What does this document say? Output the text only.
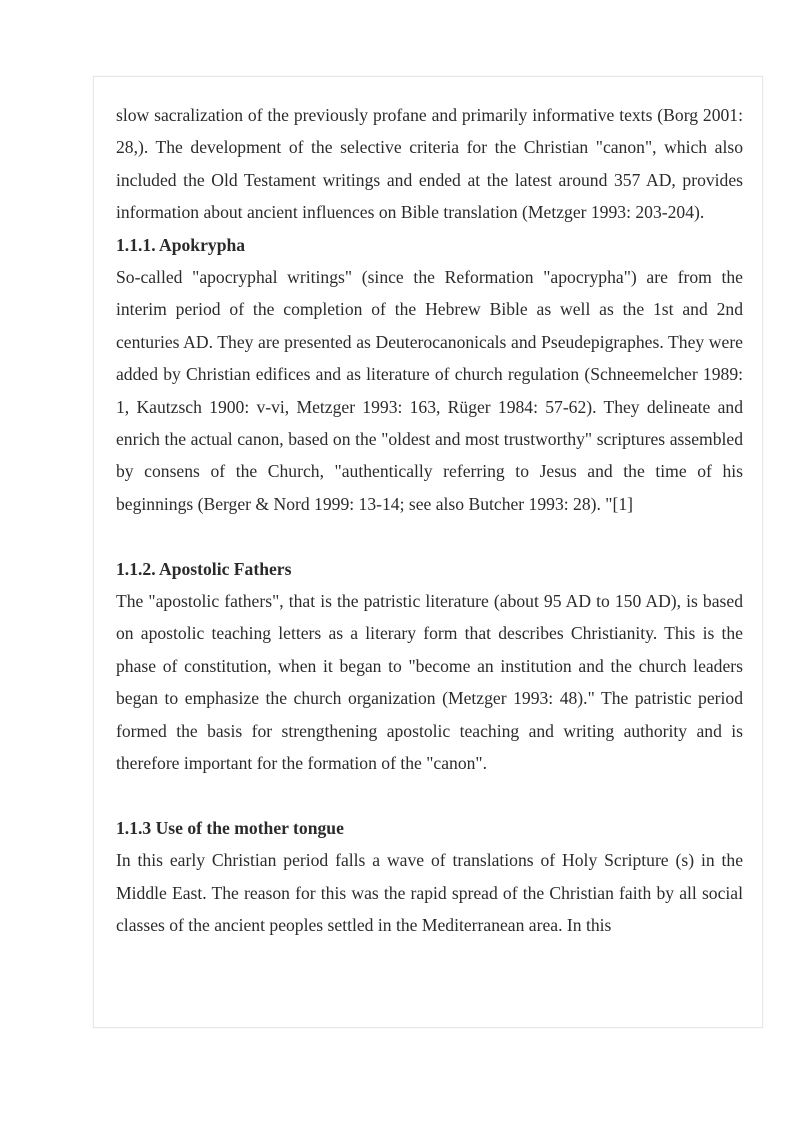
slow sacralization of the previously profane and primarily informative texts (Borg 2001: 28,). The development of the selective criteria for the Christian "canon", which also included the Old Testament writings and ended at the latest around 357 AD, provides information about ancient influences on Bible translation (Metzger 1993: 203-204).

1.1.1. Apokrypha

So-called "apocryphal writings" (since the Reformation "apocrypha") are from the interim period of the completion of the Hebrew Bible as well as the 1st and 2nd centuries AD. They are presented as Deuterocanonicals and Pseudepigraphes. They were added by Christian edifices and as literature of church regulation (Schneemelcher 1989: 1, Kautzsch 1900: v-vi, Metzger 1993: 163, Rüger 1984: 57-62). They delineate and enrich the actual canon, based on the "oldest and most trustworthy" scriptures assembled by consens of the Church, "authentically referring to Jesus and the time of his beginnings (Berger & Nord 1999: 13-14; see also Butcher 1993: 28). "[1]

1.1.2. Apostolic Fathers

The "apostolic fathers", that is the patristic literature (about 95 AD to 150 AD), is based on apostolic teaching letters as a literary form that describes Christianity. This is the phase of constitution, when it began to "become an institution and the church leaders began to emphasize the church organization (Metzger 1993: 48)." The patristic period formed the basis for strengthening apostolic teaching and writing authority and is therefore important for the formation of the "canon".

1.1.3 Use of the mother tongue

In this early Christian period falls a wave of translations of Holy Scripture (s) in the Middle East. The reason for this was the rapid spread of the Christian faith by all social classes of the ancient peoples settled in the Mediterranean area. In this
